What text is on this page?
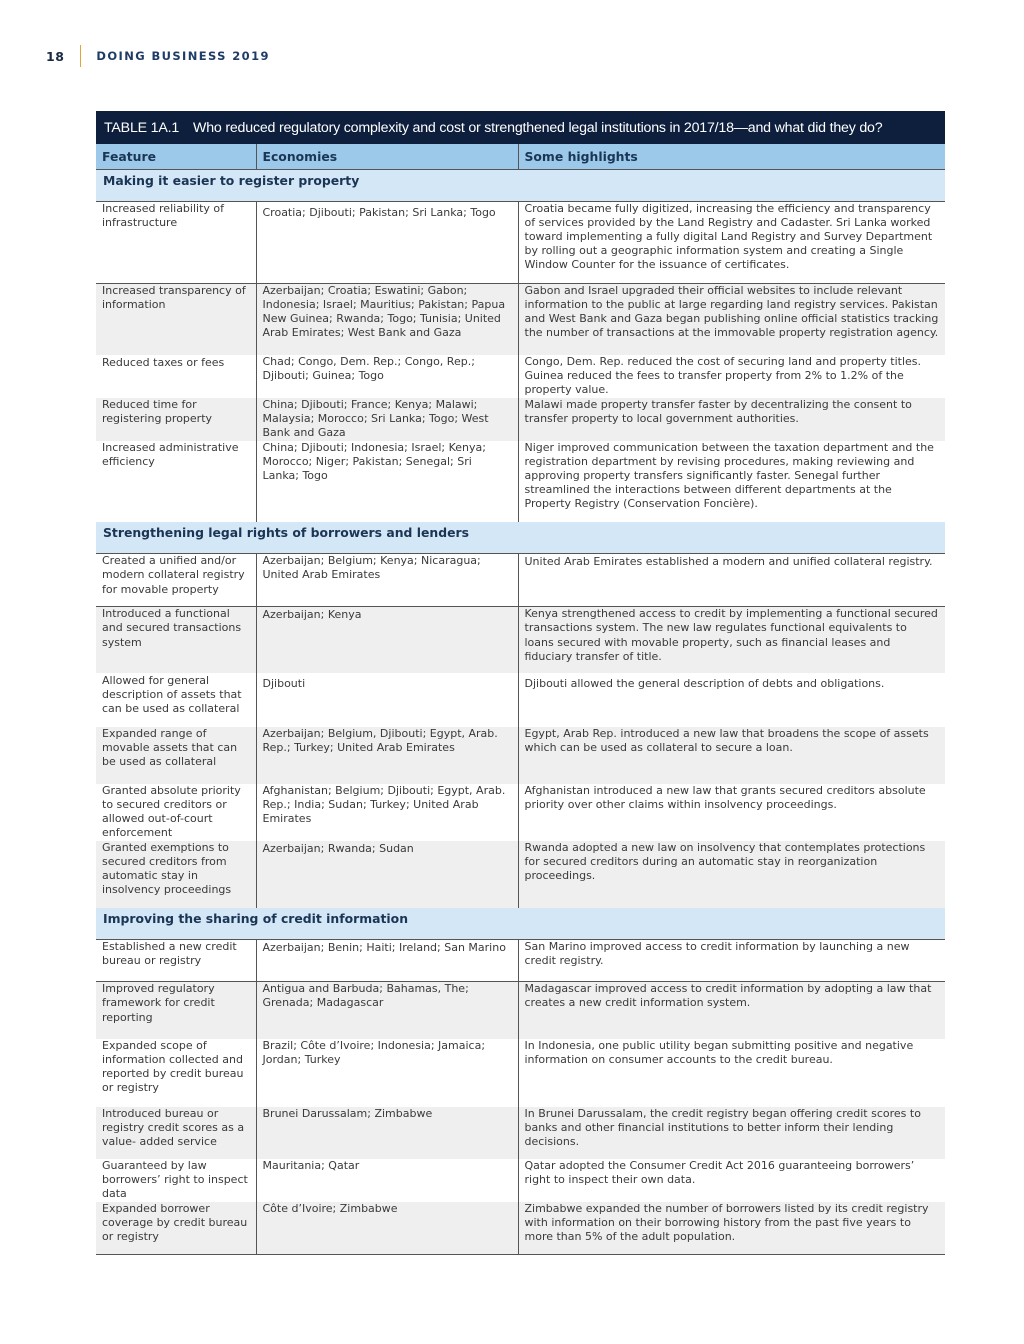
18	DOING BUSINESS 2019
TABLE 1A.1 Who reduced regulatory complexity and cost or strengthened legal institutions in 2017/18—and what did they do?
Feature	Economies	Some highlights
Making it easier to register property		
Increased reliability of infrastructure	Croatia; Djibouti; Pakistan; Sri Lanka; Togo	Croatia became fully digitized, increasing the efficiency and transparency of services provided by the Land Registry and Cadaster. Sri Lanka worked toward implementing a fully digital Land Registry and Survey Department by rolling out a geographic information system and creating a Single Window Counter for the issuance of certificates.
Increased transparency of information	Azerbaijan; Croatia; Eswatini; Gabon; Indonesia; Israel; Mauritius; Pakistan; Papua New Guinea; Rwanda; Togo; Tunisia; United Arab Emirates; West Bank and Gaza	Gabon and Israel upgraded their official websites to include relevant information to the public at large regarding land registry services. Pakistan and West Bank and Gaza began publishing online official statistics tracking the number of transactions at the immovable property registration agency.
Reduced taxes or fees	Chad; Congo, Dem. Rep.; Congo, Rep.; Djibouti; Guinea; Togo	Congo, Dem. Rep. reduced the cost of securing land and property titles. Guinea reduced the fees to transfer property from 2% to 1.2% of the property value.
Reduced time for registering property	China; Djibouti; France; Kenya; Malawi; Malaysia; Morocco; Sri Lanka; Togo; West Bank and Gaza	Malawi made property transfer faster by decentralizing the consent to transfer property to local government authorities.
Increased administrative efficiency	China; Djibouti; Indonesia; Israel; Kenya; Morocco; Niger; Pakistan; Senegal; Sri Lanka; Togo	Niger improved communication between the taxation department and the registration department by revising procedures, making reviewing and approving property transfers significantly faster. Senegal further streamlined the interactions between different departments at the Property Registry (Conservation Foncière).
Strengthening legal rights of borrowers and lenders		
Created a unified and/or modern collateral registry for movable property	Azerbaijan; Belgium; Kenya; Nicaragua; United Arab Emirates	United Arab Emirates established a modern and unified collateral registry.
Introduced a functional and secured transactions system	Azerbaijan; Kenya	Kenya strengthened access to credit by implementing a functional secured transactions system. The new law regulates functional equivalents to loans secured with movable property, such as financial leases and fiduciary transfer of title.
Allowed for general description of assets that can be used as collateral	Djibouti	Djibouti allowed the general description of debts and obligations.
Expanded range of movable assets that can be used as collateral	Azerbaijan; Belgium, Djibouti; Egypt, Arab. Rep.; Turkey; United Arab Emirates	Egypt, Arab Rep. introduced a new law that broadens the scope of assets which can be used as collateral to secure a loan.
Granted absolute priority to secured creditors or allowed out-of-court enforcement	Afghanistan; Belgium; Djibouti; Egypt, Arab. Rep.; India; Sudan; Turkey; United Arab Emirates	Afghanistan introduced a new law that grants secured creditors absolute priority over other claims within insolvency proceedings.
Granted exemptions to secured creditors from automatic stay in insolvency proceedings	Azerbaijan; Rwanda; Sudan	Rwanda adopted a new law on insolvency that contemplates protections for secured creditors during an automatic stay in reorganization proceedings.
Improving the sharing of credit information		
Established a new credit bureau or registry	Azerbaijan; Benin; Haiti; Ireland; San Marino	San Marino improved access to credit information by launching a new credit registry.
Improved regulatory framework for credit reporting	Antigua and Barbuda; Bahamas, The; Grenada; Madagascar	Madagascar improved access to credit information by adopting a law that creates a new credit information system.
Expanded scope of information collected and reported by credit bureau or registry	Brazil; Côte d’Ivoire; Indonesia; Jamaica; Jordan; Turkey	In Indonesia, one public utility began submitting positive and negative information on consumer accounts to the credit bureau.
Introduced bureau or registry credit scores as a value- added service	Brunei Darussalam; Zimbabwe	In Brunei Darussalam, the credit registry began offering credit scores to banks and other financial institutions to better inform their lending decisions.
Guaranteed by law borrowers’ right to inspect data	Mauritania; Qatar	Qatar adopted the Consumer Credit Act 2016 guaranteeing borrowers’ right to inspect their own data.
Expanded borrower coverage by credit bureau or registry	Côte d’Ivoire; Zimbabwe	Zimbabwe expanded the number of borrowers listed by its credit registry with information on their borrowing history from the past five years to more than 5% of the adult population.
